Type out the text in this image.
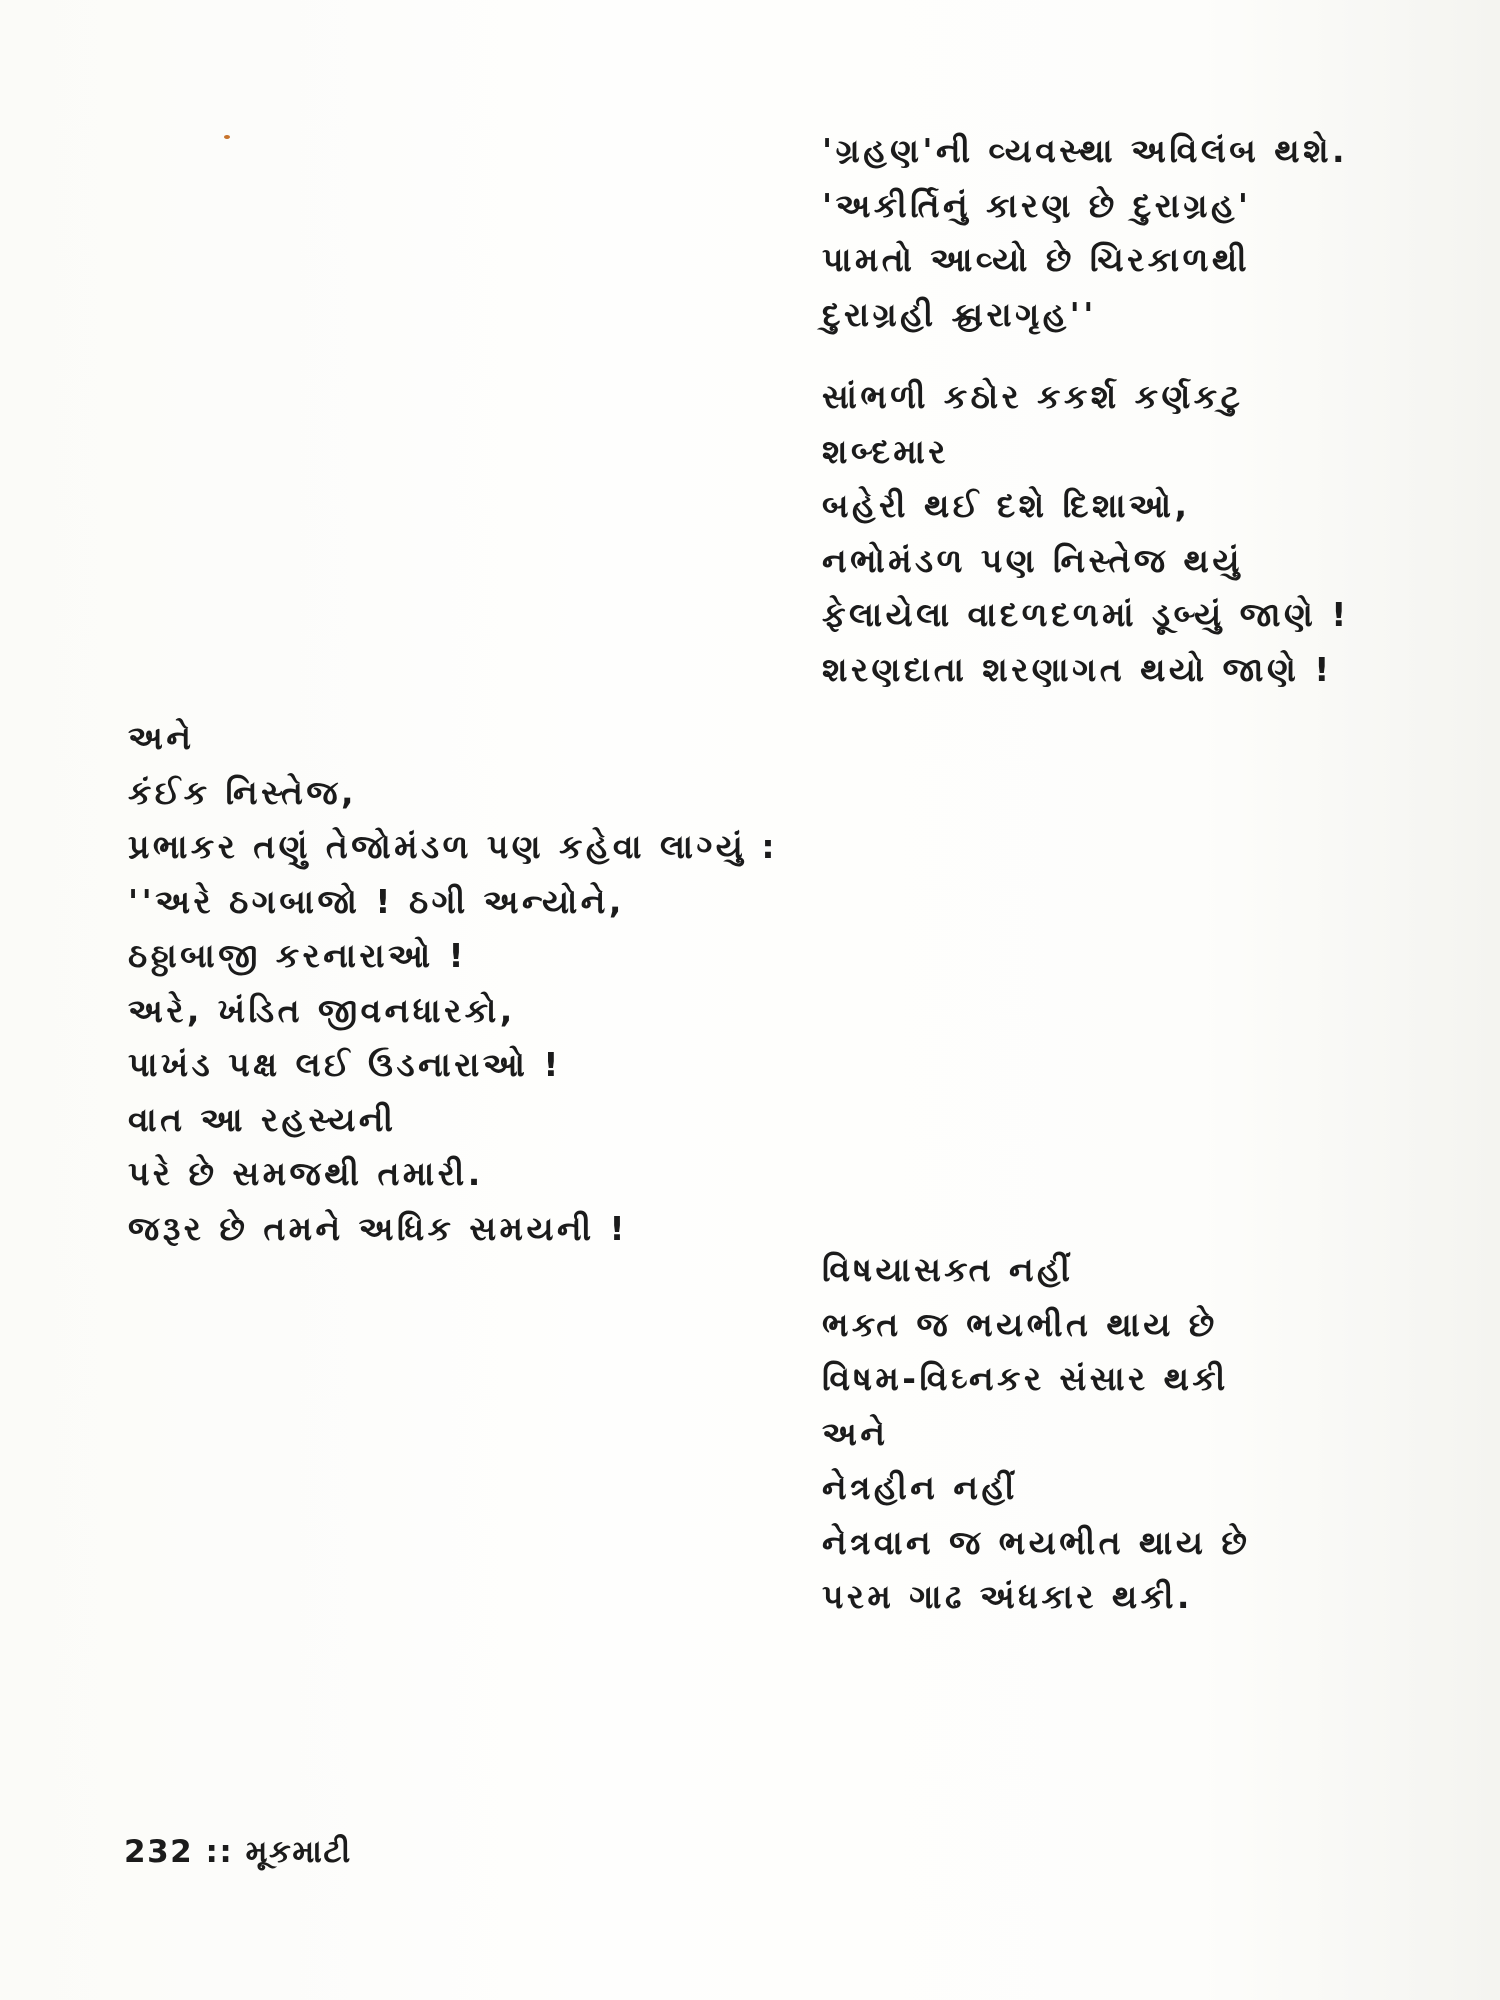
'ગ્રહણ'ની વ્યવસ્થા અવિલંબ થશે.
'અકીર્તિનું કારણ છે દુરાગ્રહ'
પામતો આવ્યો છે ચિરકાળથી
દુરાગ્રહી કારાગૃહ''
સાંભળી કઠોર કકર્શ કર્ણકટુ
શબ્દમાર
બહેરી થઈ દશે દિશાઓ,
નભોમંડળ પણ નિસ્તેજ થયું
ફેલાયેલા વાદળદળમાં ડૂબ્યું જાણે !
શરણદાતા શરણાગત થયો જાણે !
અને
કંઈક નિસ્તેજ,
પ્રભાકર તણું તેજોમંડળ પણ કહેવા લાગ્યું :
''અરે ઠગબાજો ! ઠગી અન્યોને,
ઠઠ્ઠાબાજી કરનારાઓ !
અરે, ખંડિત જીવનધારકો,
પાખંડ પક્ષ લઈ ઉડનારાઓ !
વાત આ રહસ્યની
પરે છે સમજથી તમારી.
જરૂર છે તમને અધિક સમયની !
વિષયાસક્ત નહીં
ભક્ત જ ભયભીત થાય છે
વિષમ-વિઘ્નકર સંસાર થકી
અને
નેત્રહીન નહીં
નેત્રવાન જ ભયભીત થાય છે
પરમ ગાઢ અંધકાર થકી.
232 :: મૂકમાટી
